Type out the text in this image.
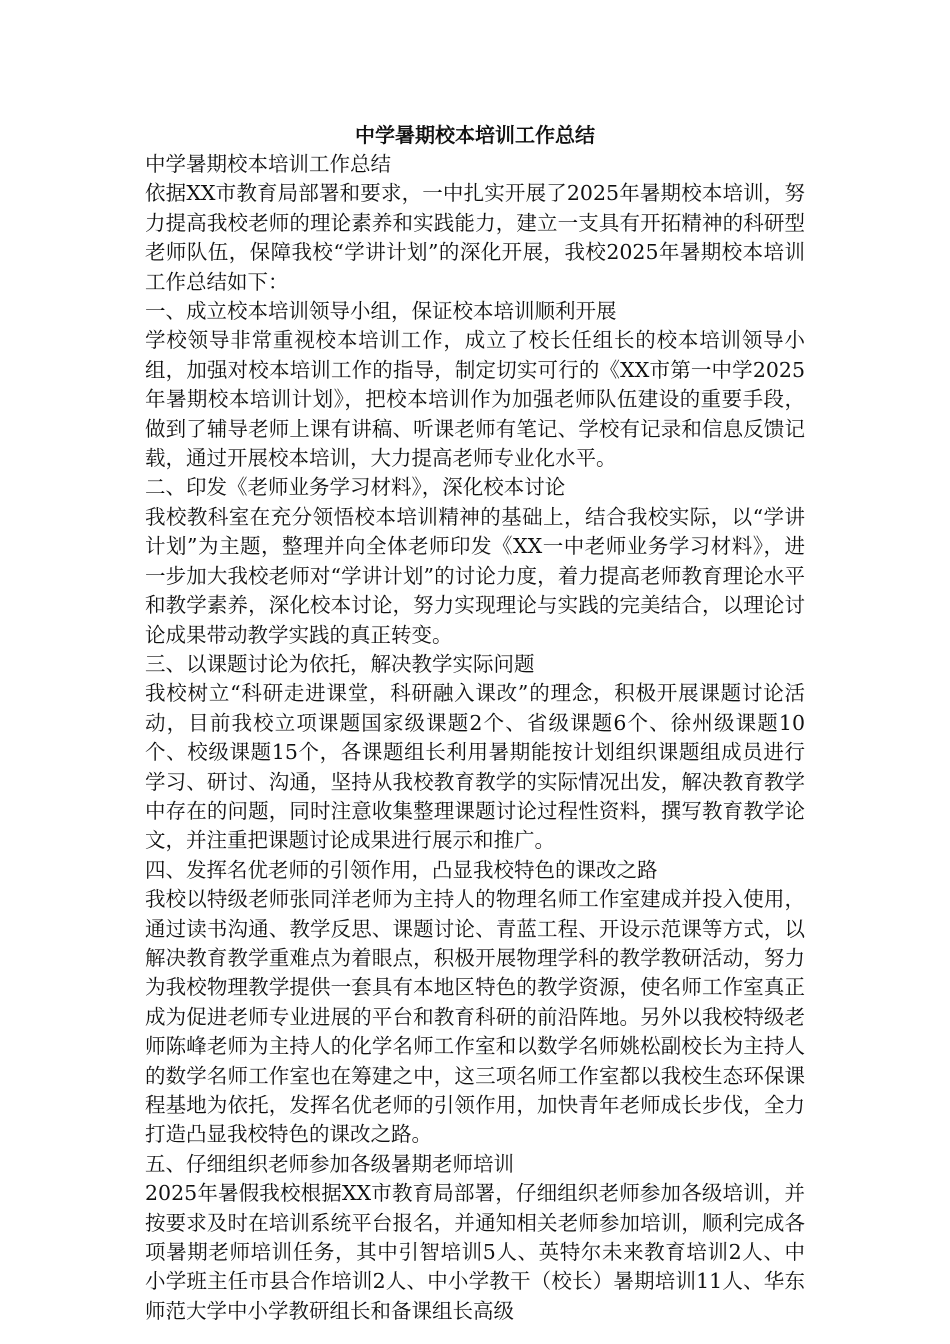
中学暑期校本培训工作总结

中学暑期校本培训工作总结

依据XX市教育局部署和要求，一中扎实开展了2025年暑期校本培训，努力提高我校老师的理论素养和实践能力，建立一支具有开拓精神的科研型老师队伍，保障我校“学讲计划”的深化开展，我校2025年暑期校本培训工作总结如下：

一、成立校本培训领导小组，保证校本培训顺利开展

学校领导非常重视校本培训工作，成立了校长任组长的校本培训领导小组，加强对校本培训工作的指导，制定切实可行的《XX市第一中学2025年暑期校本培训计划》，把校本培训作为加强老师队伍建设的重要手段，做到了辅导老师上课有讲稿、听课老师有笔记、学校有记录和信息反馈记载，通过开展校本培训，大力提高老师专业化水平。

二、印发《老师业务学习材料》，深化校本讨论

我校教科室在充分领悟校本培训精神的基础上，结合我校实际，以“学讲计划”为主题，整理并向全体老师印发《XX一中老师业务学习材料》，进一步加大我校老师对“学讲计划”的讨论力度，着力提高老师教育理论水平和教学素养，深化校本讨论，努力实现理论与实践的完美结合，以理论讨论成果带动教学实践的真正转变。

三、以课题讨论为依托，解决教学实际问题

我校树立“科研走进课堂，科研融入课改”的理念，积极开展课题讨论活动，目前我校立项课题国家级课题2个、省级课题6个、徐州级课题10个、校级课题15个，各课题组长利用暑期能按计划组织课题组成员进行学习、研讨、沟通，坚持从我校教育教学的实际情况出发，解决教育教学中存在的问题，同时注意收集整理课题讨论过程性资料，撰写教育教学论文，并注重把课题讨论成果进行展示和推广。

四、发挥名优老师的引领作用，凸显我校特色的课改之路

我校以特级老师张同洋老师为主持人的物理名师工作室建成并投入使用，通过读书沟通、教学反思、课题讨论、青蓝工程、开设示范课等方式，以解决教育教学重难点为着眼点，积极开展物理学科的教学教研活动，努力为我校物理教学提供一套具有本地区特色的教学资源，使名师工作室真正成为促进老师专业进展的平台和教育科研的前沿阵地。另外以我校特级老师陈峰老师为主持人的化学名师工作室和以数学名师姚松副校长为主持人的数学名师工作室也在筹建之中，这三项名师工作室都以我校生态环保课程基地为依托，发挥名优老师的引领作用，加快青年老师成长步伐，全力打造凸显我校特色的课改之路。

五、仔细组织老师参加各级暑期老师培训

2025年暑假我校根据XX市教育局部署，仔细组织老师参加各级培训，并按要求及时在培训系统平台报名，并通知相关老师参加培训，顺利完成各项暑期老师培训任务，其中引智培训5人、英特尔未来教育培训2人、中小学班主任市县合作培训2人、中小学教干（校长）暑期培训11人、华东师范大学中小学教研组长和备课组长高级
